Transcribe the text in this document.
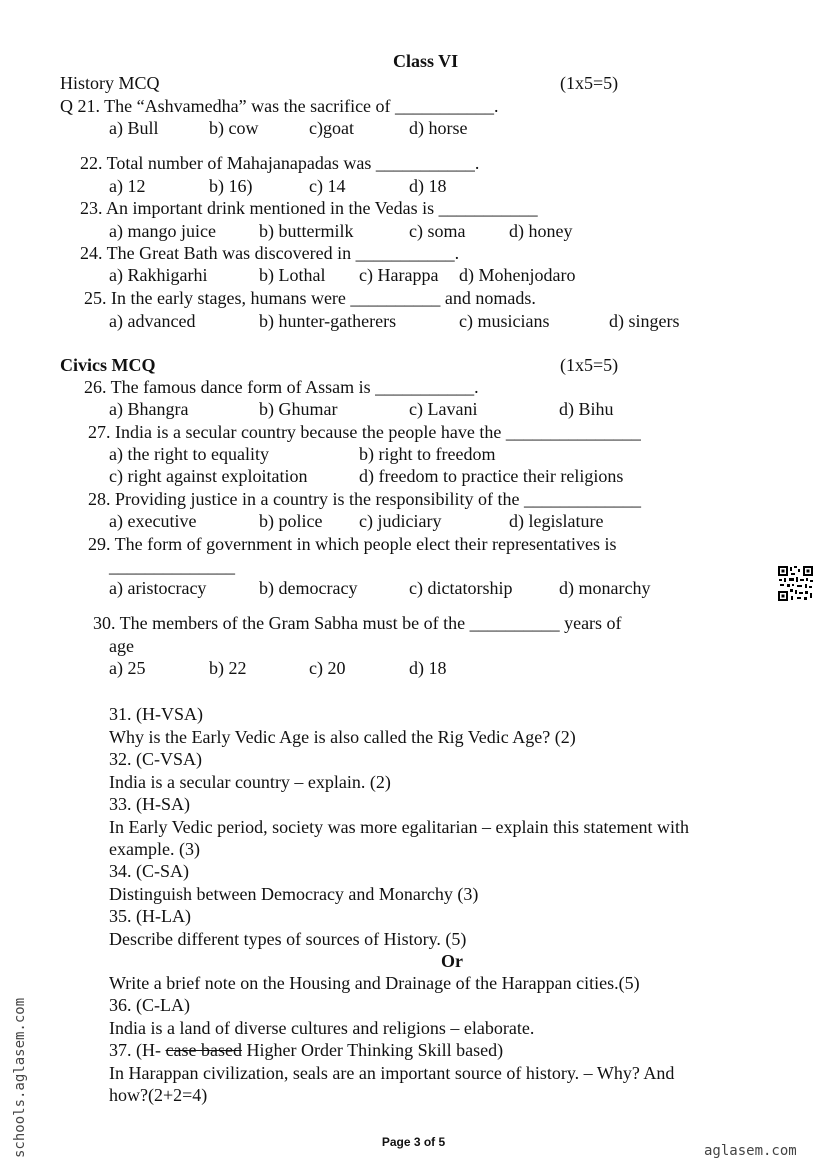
Class VI
History MCQ	(1x5=5)
Q 21. The “Ashvamedha” was the sacrifice of ___________.
a) Bull	b) cow	c)goat	d) horse
22. Total number of Mahajanapadas was ___________.
a) 12	b) 16)	c) 14	d) 18
23. An important drink mentioned in the Vedas is ___________
a) mango juice b) buttermilk	c) soma d) honey
24. The Great Bath was discovered in ___________.
a) Rakhigarhi	b) Lothal c) Harappa d) Mohenjodaro
25. In the early stages, humans were __________ and nomads.
a) advanced	b) hunter-gatherers	c) musicians	d) singers
Civics MCQ	(1x5=5)
26. The famous dance form of Assam is ___________.
a) Bhangra	b) Ghumar	c) Lavani	d) Bihu
27. India is a secular country because the people have the _______________
a) the right to equality	b) right to freedom
c) right against exploitation	d) freedom to practice their religions
28. Providing justice in a country is the responsibility of the _____________
a) executive	b) police c) judiciary	d) legislature
29. The form of government in which people elect their representatives is
______________
a) aristocracy	b) democracy	c) dictatorship	d) monarchy
30. The members of the Gram Sabha must be of the __________ years of
age
a) 25	b) 22	c) 20	d) 18
31. (H-VSA)
Why is the Early Vedic Age is also called the Rig Vedic Age? (2)
32. (C-VSA)
India is a secular country – explain. (2)
33. (H-SA)
In Early Vedic period, society was more egalitarian – explain this statement with
example. (3)
34. (C-SA)
Distinguish between Democracy and Monarchy (3)
35. (H-LA)
Describe different types of sources of History. (5)
Or
Write a brief note on the Housing and Drainage of the Harappan cities.(5)
36. (C-LA)
India is a land of diverse cultures and religions – elaborate.
37. (H- case based Higher Order Thinking Skill based)
In Harappan civilization, seals are an important source of history. – Why? And
how?(2+2=4)
Page 3 of 5
schools.aglasem.com	aglasem.com
